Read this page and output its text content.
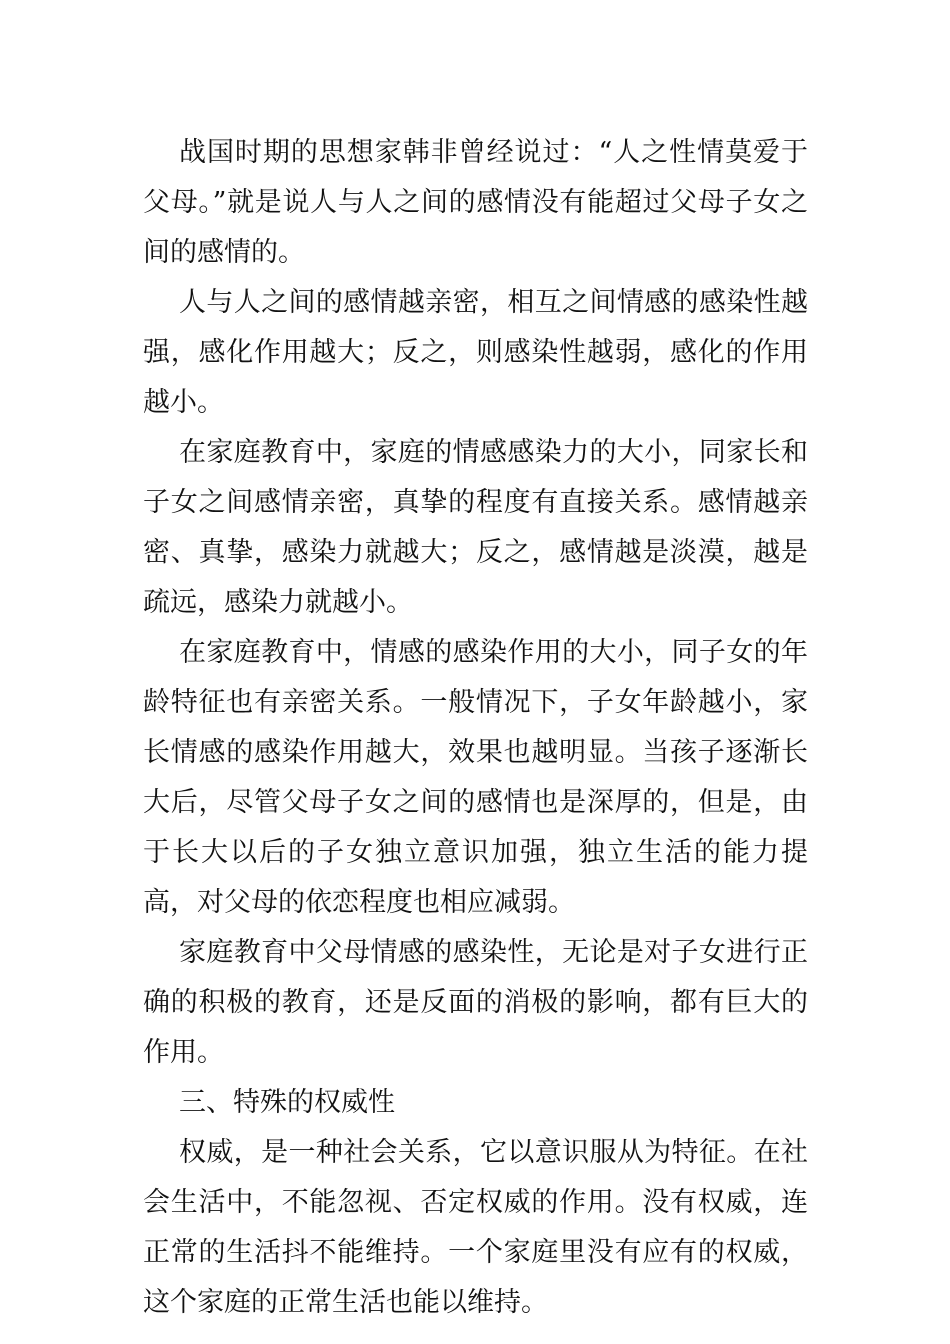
战国时期的思想家韩非曾经说过：“人之性情莫爱于父母。”就是说人与人之间的感情没有能超过父母子女之间的感情的。

人与人之间的感情越亲密，相互之间情感的感染性越强，感化作用越大；反之，则感染性越弱，感化的作用越小。

在家庭教育中，家庭的情感感染力的大小，同家长和子女之间感情亲密，真挚的程度有直接关系。感情越亲密、真挚，感染力就越大；反之，感情越是淡漠，越是疏远，感染力就越小。

在家庭教育中，情感的感染作用的大小，同子女的年龄特征也有亲密关系。一般情况下，子女年龄越小，家长情感的感染作用越大，效果也越明显。当孩子逐渐长大后，尽管父母子女之间的感情也是深厚的，但是，由于长大以后的子女独立意识加强，独立生活的能力提高，对父母的依恋程度也相应减弱。

家庭教育中父母情感的感染性，无论是对子女进行正确的积极的教育，还是反面的消极的影响，都有巨大的作用。

三、特殊的权威性

权威，是一种社会关系，它以意识服从为特征。在社会生活中，不能忽视、否定权威的作用。没有权威，连正常的生活抖不能维持。一个家庭里没有应有的权威，这个家庭的正常生活也能以维持。
